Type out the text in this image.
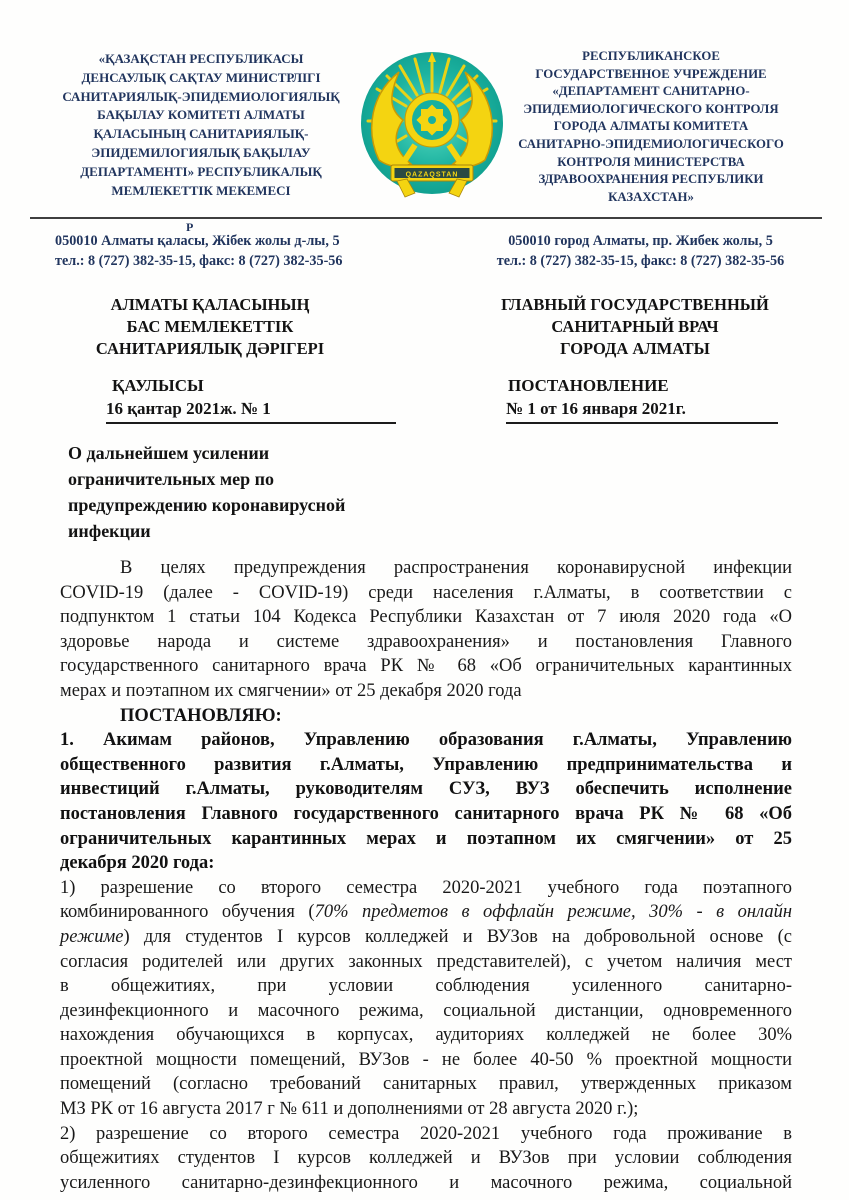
«ҚАЗАҚСТАН РЕСПУБЛИКАСЫ
ДЕНСАУЛЫҚ САҚТАУ МИНИСТРЛІГІ
САНИТАРИЯЛЫҚ-ЭПИДЕМИОЛОГИЯЛЫҚ
БАҚЫЛАУ КОМИТЕТІ АЛМАТЫ
ҚАЛАСЫНЫҢ САНИТАРИЯЛЫҚ-
ЭПИДЕМИЛОГИЯЛЫҚ БАҚЫЛАУ
ДЕПАРТАМЕНТІ» РЕСПУБЛИКАЛЫҚ
МЕМЛЕКЕТТІК МЕКЕМЕСІ
РЕСПУБЛИКАНСКОЕ
ГОСУДАРСТВЕННОЕ УЧРЕЖДЕНИЕ
«ДЕПАРТАМЕНТ САНИТАРНО-
ЭПИДЕМИОЛОГИЧЕСКОГО КОНТРОЛЯ
ГОРОДА АЛМАТЫ КОМИТЕТА
САНИТАРНО-ЭПИДЕМИОЛОГИЧЕСКОГО
КОНТРОЛЯ МИНИСТЕРСТВА
ЗДРАВООХРАНЕНИЯ РЕСПУБЛИКИ
КАЗАХСТАН»
QAZAQSTAN
Р
050010 Алматы қаласы, Жібек жолы д-лы, 5
тел.: 8 (727) 382-35-15, факс: 8 (727) 382-35-56
050010 город Алматы, пр. Жибек жолы, 5
тел.: 8 (727) 382-35-15, факс: 8 (727) 382-35-56
АЛМАТЫ ҚАЛАСЫНЫҢ
БАС МЕМЛЕКЕТТІК
САНИТАРИЯЛЫҚ ДӘРІГЕРІ
ҚАУЛЫСЫ
16 қантар 2021ж. № 1
ГЛАВНЫЙ ГОСУДАРСТВЕННЫЙ
САНИТАРНЫЙ ВРАЧ
ГОРОДА АЛМАТЫ
ПОСТАНОВЛЕНИЕ
№ 1 от 16 января 2021г.
О дальнейшем усилении
ограничительных мер по
предупреждению коронавирусной
инфекции
В целях предупреждения распространения коронавирусной инфекции
COVID-19 (далее - COVID-19) среди населения г.Алматы, в соответствии с
подпунктом 1 статьи 104 Кодекса Республики Казахстан от 7 июля 2020 года «О
здоровье народа и системе здравоохранения» и постановления Главного
государственного санитарного врача РК № 68 «Об ограничительных карантинных
мерах и поэтапном их смягчении» от 25 декабря 2020 года
ПОСТАНОВЛЯЮ:
1. Акимам районов, Управлению образования г.Алматы, Управлению
общественного развития г.Алматы, Управлению предпринимательства и
инвестиций г.Алматы, руководителям СУЗ, ВУЗ обеспечить исполнение
постановления Главного государственного санитарного врача РК № 68 «Об
ограничительных карантинных мерах и поэтапном их смягчении» от 25
декабря 2020 года:
1) разрешение со второго семестра 2020-2021 учебного года поэтапного
комбинированного обучения (70% предметов в оффлайн режиме, 30% - в онлайн
режиме) для студентов I курсов колледжей и ВУЗов на добровольной основе (с
согласия родителей или других законных представителей), с учетом наличия мест
в общежитиях, при условии соблюдения усиленного санитарно-
дезинфекционного и масочного режима, социальной дистанции, одновременного
нахождения обучающихся в корпусах, аудиториях колледжей не более 30%
проектной мощности помещений, ВУЗов - не более 40-50 % проектной мощности
помещений (согласно требований санитарных правил, утвержденных приказом
МЗ РК от 16 августа 2017 г № 611 и дополнениями от 28 августа 2020 г.);
2) разрешение со второго семестра 2020-2021 учебного года проживание в
общежитиях студентов I курсов колледжей и ВУЗов при условии соблюдения
усиленного санитарно-дезинфекционного и масочного режима, социальной
